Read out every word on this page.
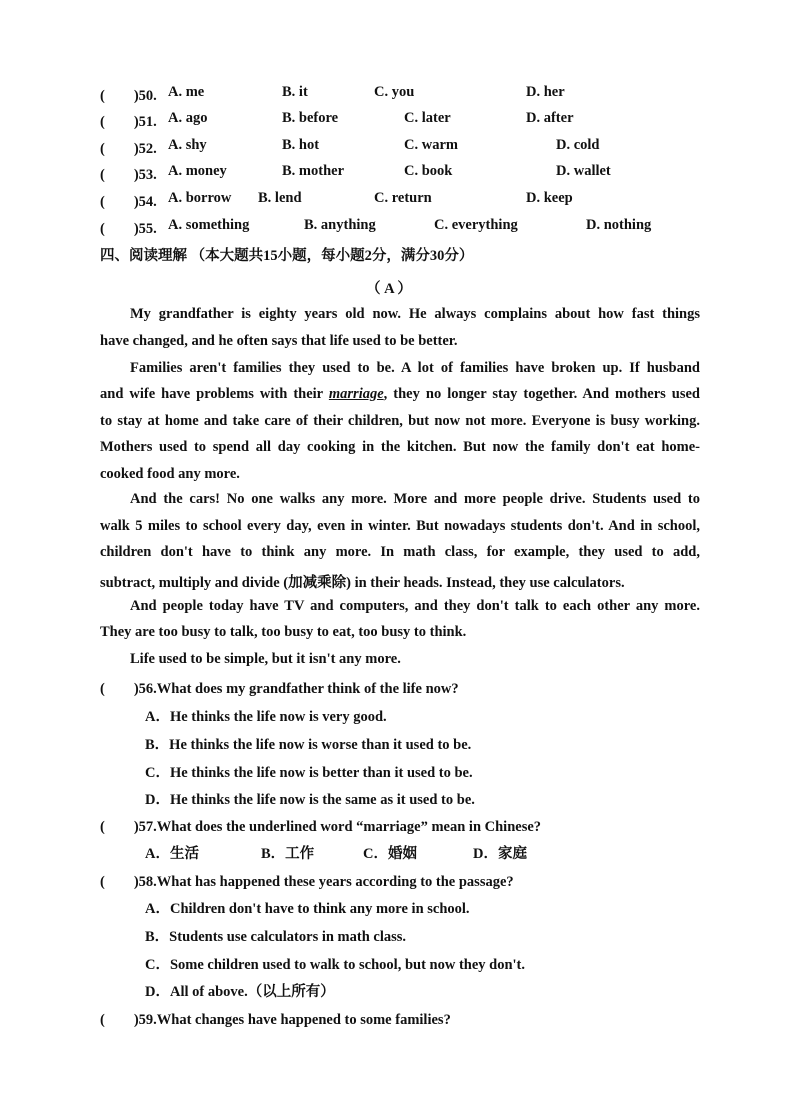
(　　)50. A. me	B. it	C. you	D. her
(　　)51. A. ago	B. before	C. later	D. after
(　　)52. A. shy	B. hot	C. warm	D. cold
(　　)53. A. money	B. mother	C. book	D. wallet
(　　)54. A. borrow B. lend	C. return	D. keep
(　　)55. A. something	B. anything	C. everything	D. nothing
四、阅读理解 （本大题共15小题，每小题2分，满分30分）
（ A ）
My grandfather is eighty years old now. He always complains about how fast things
have changed, and he often says that life used to be better.
Families aren't families they used to be. A lot of families have broken up. If husband
and wife have problems with their marriage, they no longer stay together. And mothers used
to stay at home and take care of their children, but now not more. Everyone is busy working.
Mothers used to spend all day cooking in the kitchen. But now the family don't eat home-
cooked food any more.
And the cars! No one walks any more. More and more people drive. Students used to
walk 5 miles to school every day, even in winter. But nowadays students don't. And in school,
children don't have to think any more. In math class, for example, they used to add,
subtract, multiply and divide (加减乘除) in their heads. Instead, they use calculators.
And people today have TV and computers, and they don't talk to each other any more.
They are too busy to talk, too busy to eat, too busy to think.
Life used to be simple, but it isn't any more.
(　　)56.What does my grandfather think of the life now?
A．He thinks the life now is very good.
B．He thinks the life now is worse than it used to be.
C．He thinks the life now is better than it used to be.
D．He thinks the life now is the same as it used to be.
(　　)57.What does the underlined word “marriage” mean in Chinese?
A．生活	B．工作	C．婚姻	D．家庭
(　　)58.What has happened these years according to the passage?
A．Children don't have to think any more in school.
B．Students use calculators in math class.
C．Some children used to walk to school, but now they don't.
D．All of above.（以上所有）
(　　)59.What changes have happened to some families?
